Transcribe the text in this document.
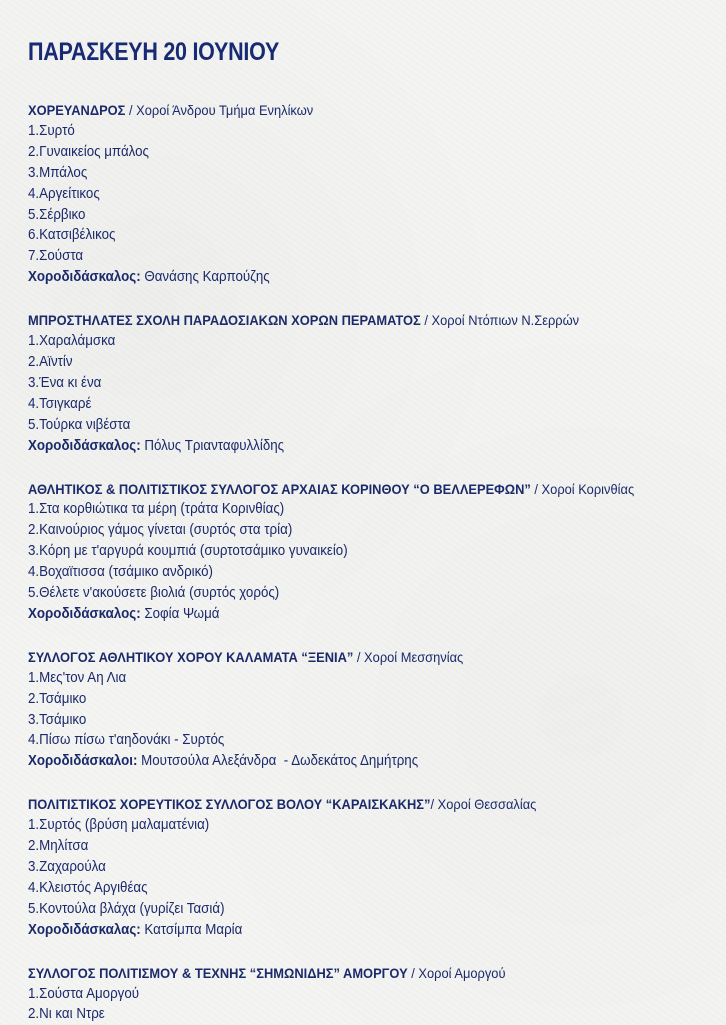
ΠΑΡΑΣΚΕΥΗ 20 ΙΟΥΝΙΟΥ
ΧΟΡΕΥΑΝΔΡΟΣ / Χοροί Άνδρου Τμήμα Ενηλίκων
1.Συρτό
2.Γυναικείος μπάλος
3.Μπάλος
4.Αργείτικος
5.Σέρβικο
6.Κατσιβέλικος
7.Σούστα
Χοροδιδάσκαλος: Θανάσης Καρπούζης
ΜΠΡΟΣΤΗΛΑΤΕΣ ΣΧΟΛΗ ΠΑΡΑΔΟΣΙΑΚΩΝ ΧΟΡΩΝ ΠΕΡΑΜΑΤΟΣ / Χοροί Ντόπιων Ν.Σερρών
1.Χαραλάμσκα
2.Αϊντίν
3.Ένα κι ένα
4.Τσιγκαρέ
5.Τούρκα νιβέστα
Χοροδιδάσκαλος: Πόλυς Τριανταφυλλίδης
ΑΘΛΗΤΙΚΟΣ & ΠΟΛΙΤΙΣΤΙΚΟΣ ΣΥΛΛΟΓΟΣ ΑΡΧΑΙΑΣ ΚΟΡΙΝΘΟΥ “Ο ΒΕΛΛΕΡΕΦΩΝ” / Χοροί Κορινθίας
1.Στα κορθιώτικα τα μέρη (τράτα Κορινθίας)
2.Καινούριος γάμος γίνεται (συρτός στα τρία)
3.Κόρη με τ'αργυρά κουμπιά (συρτοτσάμικο γυναικείο)
4.Βοχαϊτισσα (τσάμικο ανδρικό)
5.Θέλετε ν'ακούσετε βιολιά (συρτός χορός)
Χοροδιδάσκαλος: Σοφία Ψωμά
ΣΥΛΛΟΓΟΣ ΑΘΛΗΤΙΚΟΥ ΧΟΡΟΥ ΚΑΛΑΜΑΤΑ “ΞΕΝΙΑ” / Χοροί Μεσσηνίας
1.Μες'τον Αη Λια
2.Τσάμικο
3.Τσάμικο
4.Πίσω πίσω τ'αηδονάκι - Συρτός
Χοροδιδάσκαλοι: Μουτσούλα Αλεξάνδρα  - Δωδεκάτος Δημήτρης
ΠΟΛΙΤΙΣΤΙΚΟΣ ΧΟΡΕΥΤΙΚΟΣ ΣΥΛΛΟΓΟΣ ΒΟΛΟΥ “ΚΑΡΑΙΣΚΑΚΗΣ”/ Χοροί Θεσσαλίας
1.Συρτός (βρύση μαλαματένια)
2.Μηλίτσα
3.Ζαχαρούλα
4.Κλειστός Αργιθέας
5.Κοντούλα βλάχα (γυρίζει Τασιά)
Χοροδιδάσκαλας: Κατσίμπα Μαρία
ΣΥΛΛΟΓΟΣ ΠΟΛΙΤΙΣΜΟΥ & ΤΕΧΝΗΣ “ΣΗΜΩΝΙΔΗΣ” ΑΜΟΡΓΟΥ / Χοροί Αμοργού
1.Σούστα Αμοργού
2.Νι και Ντρε
